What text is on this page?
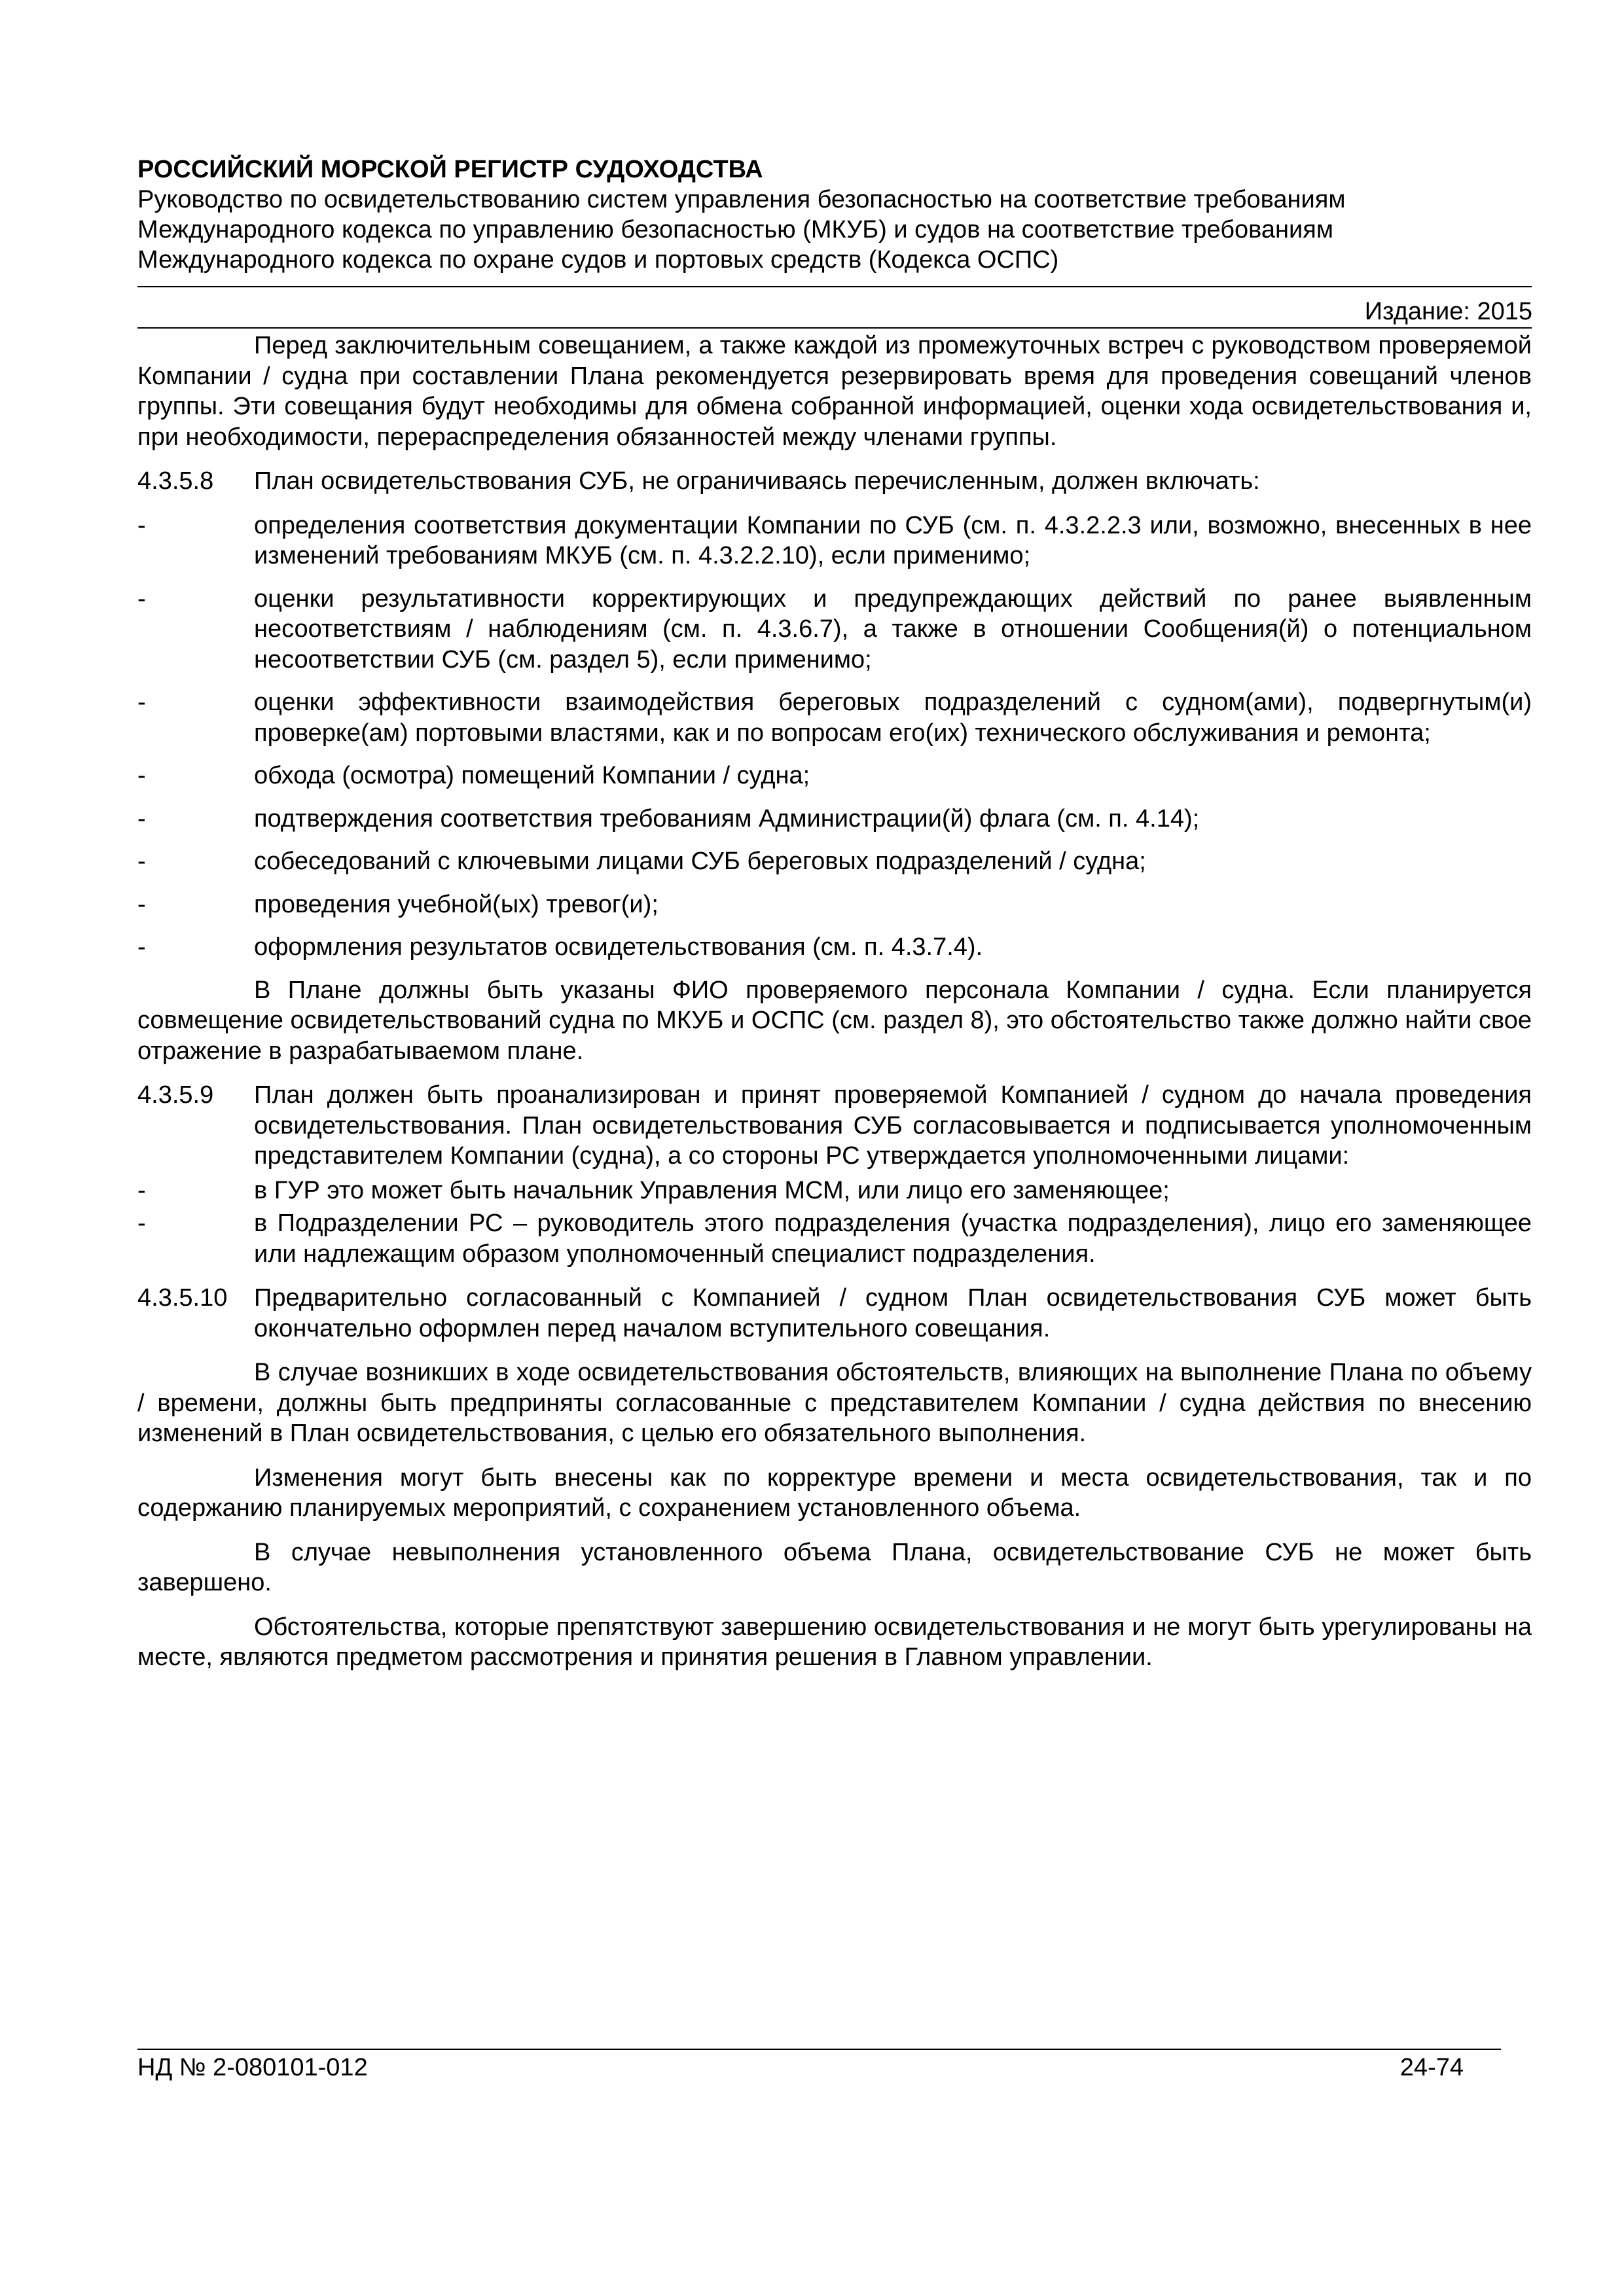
РОССИЙСКИЙ МОРСКОЙ РЕГИСТР СУДОХОДСТВА
Руководство по освидетельствованию систем управления безопасностью на соответствие требованиям Международного кодекса по управлению безопасностью (МКУБ) и судов на соответствие требованиям Международного кодекса по охране судов и портовых средств (Кодекса ОСПС)
Издание: 2015

Перед заключительным совещанием, а также каждой из промежуточных встреч с руководством проверяемой Компании / судна при составлении Плана рекомендуется резервировать время для проведения совещаний членов группы. Эти совещания будут необходимы для обмена собранной информацией, оценки хода освидетельствования и, при необходимости, перераспределения обязанностей между членами группы.

4.3.5.8	План освидетельствования СУБ, не ограничиваясь перечисленным, должен включать:
-	определения соответствия документации Компании по СУБ (см. п. 4.3.2.2.3 или, возможно, внесенных в нее изменений требованиям МКУБ (см. п. 4.3.2.2.10), если применимо;
-	оценки результативности корректирующих и предупреждающих действий по ранее выявленным несоответствиям / наблюдениям (см. п. 4.3.6.7), а также в отношении Сообщения(й) о потенциальном несоответствии СУБ (см. раздел 5), если применимо;
-	оценки эффективности взаимодействия береговых подразделений с судном(ами), подвергнутым(и) проверке(ам) портовыми властями, как и по вопросам его(их) технического обслуживания и ремонта;
-	обхода (осмотра) помещений Компании / судна;
-	подтверждения соответствия требованиям Администрации(й) флага (см. п. 4.14);
-	собеседований с ключевыми лицами СУБ береговых подразделений / судна;
-	проведения учебной(ых) тревог(и);
-	оформления результатов освидетельствования (см. п. 4.3.7.4).

В Плане должны быть указаны ФИО проверяемого персонала Компании / судна. Если планируется совмещение освидетельствований судна по МКУБ и ОСПС (см. раздел 8), это обстоятельство также должно найти свое отражение в разрабатываемом плане.

4.3.5.9	План должен быть проанализирован и принят проверяемой Компанией / судном до начала проведения освидетельствования. План освидетельствования СУБ согласовывается и подписывается уполномоченным представителем Компании (судна), а со стороны РС утверждается уполномоченными лицами:
-	в ГУР это может быть начальник Управления МСМ, или лицо его заменяющее;
-	в Подразделении РС – руководитель этого подразделения (участка подразделения), лицо его заменяющее или надлежащим образом уполномоченный специалист подразделения.
4.3.5.10	Предварительно согласованный с Компанией / судном План освидетельствования СУБ может быть окончательно оформлен перед началом вступительного совещания.

В случае возникших в ходе освидетельствования обстоятельств, влияющих на выполнение Плана по объему / времени, должны быть предприняты согласованные с представителем Компании / судна действия по внесению изменений в План освидетельствования, с целью его обязательного выполнения.

Изменения могут быть внесены как по корректуре времени и места освидетельствования, так и по содержанию планируемых мероприятий, с сохранением установленного объема.

В случае невыполнения установленного объема Плана, освидетельствование СУБ не может быть завершено.

Обстоятельства, которые препятствуют завершению освидетельствования и не могут быть урегулированы на месте, являются предметом рассмотрения и принятия решения в Главном управлении.

НД № 2-080101-012	24-74
